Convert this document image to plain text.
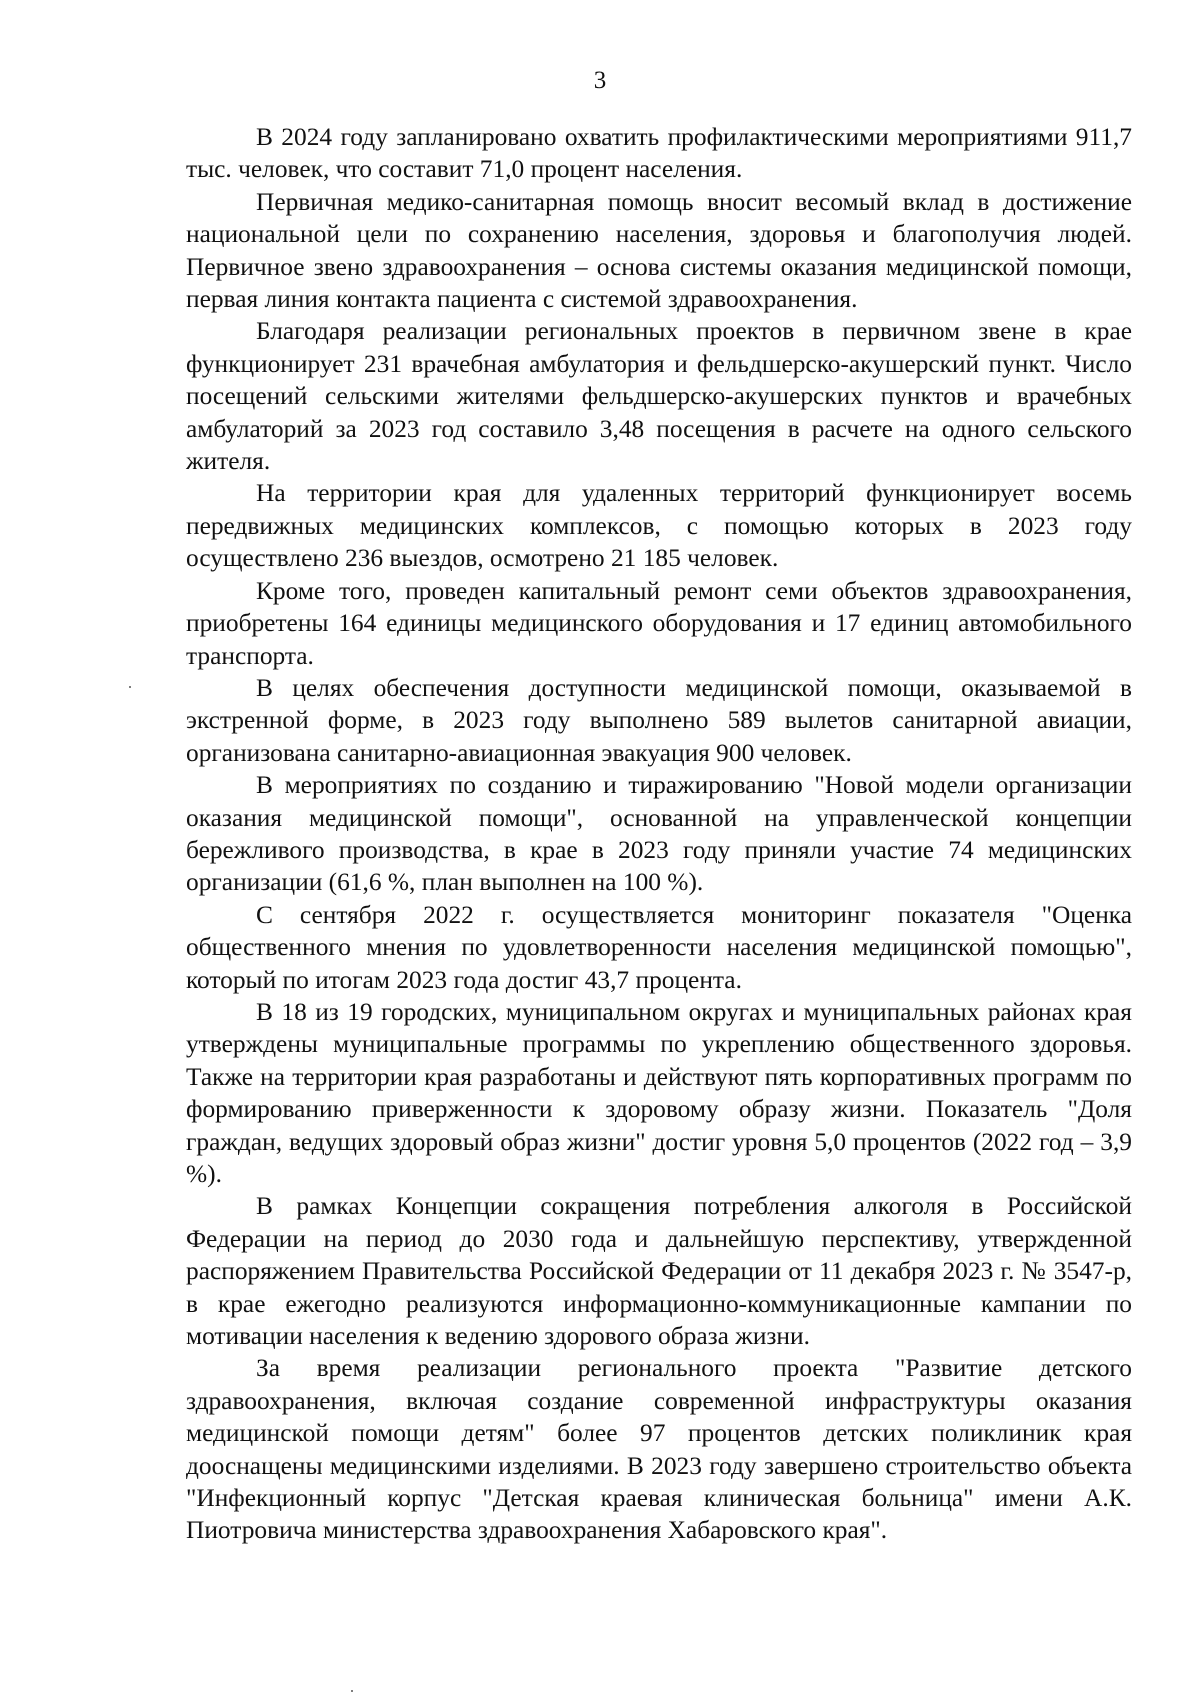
3

В 2024 году запланировано охватить профилактическими мероприятиями 911,7 тыс. человек, что составит 71,0 процент населения.

Первичная медико-санитарная помощь вносит весомый вклад в достижение национальной цели по сохранению населения, здоровья и благополучия людей. Первичное звено здравоохранения – основа системы оказания медицинской помощи, первая линия контакта пациента с системой здравоохранения.

Благодаря реализации региональных проектов в первичном звене в крае функционирует 231 врачебная амбулатория и фельдшерско-акушерский пункт. Число посещений сельскими жителями фельдшерско-акушерских пунктов и врачебных амбулаторий за 2023 год составило 3,48 посещения в расчете на одного сельского жителя.

На территории края для удаленных территорий функционирует восемь передвижных медицинских комплексов, с помощью которых в 2023 году осуществлено 236 выездов, осмотрено 21 185 человек.

Кроме того, проведен капитальный ремонт семи объектов здравоохранения, приобретены 164 единицы медицинского оборудования и 17 единиц автомобильного транспорта.

В целях обеспечения доступности медицинской помощи, оказываемой в экстренной форме, в 2023 году выполнено 589 вылетов санитарной авиации, организована санитарно-авиационная эвакуация 900 человек.

В мероприятиях по созданию и тиражированию "Новой модели организации оказания медицинской помощи", основанной на управленческой концепции бережливого производства, в крае в 2023 году приняли участие 74 медицинских организации (61,6 %, план выполнен на 100 %).

С сентября 2022 г. осуществляется мониторинг показателя "Оценка общественного мнения по удовлетворенности населения медицинской помощью", который по итогам 2023 года достиг 43,7 процента.

В 18 из 19 городских, муниципальном округах и муниципальных районах края утверждены муниципальные программы по укреплению общественного здоровья. Также на территории края разработаны и действуют пять корпоративных программ по формированию приверженности к здоровому образу жизни. Показатель "Доля граждан, ведущих здоровый образ жизни" достиг уровня 5,0 процентов (2022 год – 3,9 %).

В рамках Концепции сокращения потребления алкоголя в Российской Федерации на период до 2030 года и дальнейшую перспективу, утвержденной распоряжением Правительства Российской Федерации от 11 декабря 2023 г. № 3547-р, в крае ежегодно реализуются информационно-коммуникационные кампании по мотивации населения к ведению здорового образа жизни.

За время реализации регионального проекта "Развитие детского здравоохранения, включая создание современной инфраструктуры оказания медицинской помощи детям" более 97 процентов детских поликлиник края дооснащены медицинскими изделиями. В 2023 году завершено строительство объекта "Инфекционный корпус "Детская краевая клиническая больница" имени А.К. Пиотровича министерства здравоохранения Хабаровского края".
